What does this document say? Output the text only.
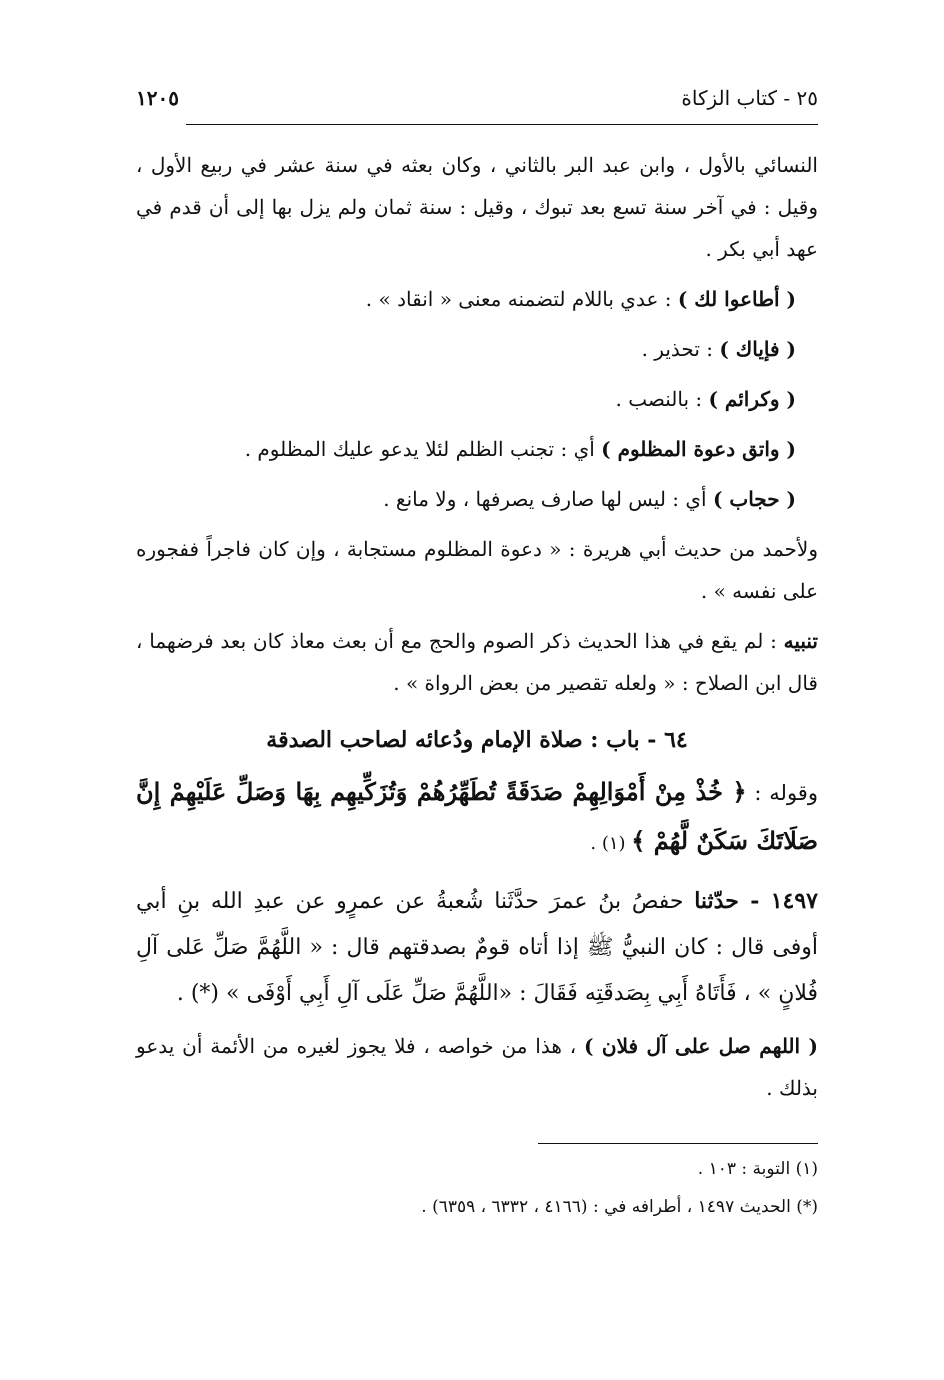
٢٥ - كتاب الزكاة
١٢٠٥

النسائي بالأول ، وابن عبد البر بالثاني ، وكان بعثه في سنة عشر في ربيع الأول ، وقيل : في آخر سنة تسع بعد تبوك ، وقيل : سنة ثمان ولم يزل بها إلى أن قدم في عهد أبي بكر .

( أطاعوا لك ) : عدي باللام لتضمنه معنى « انقاد » .

( فإياك ) : تحذير .

( وكرائم ) : بالنصب .

( واتق دعوة المظلوم ) أي : تجنب الظلم لئلا يدعو عليك المظلوم .

( حجاب ) أي : ليس لها صارف يصرفها ، ولا مانع .

ولأحمد من حديث أبي هريرة : « دعوة المظلوم مستجابة ، وإن كان فاجراً ففجوره على نفسه » .

تنبيه : لم يقع في هذا الحديث ذكر الصوم والحج مع أن بعث معاذ كان بعد فرضهما ، قال ابن الصلاح : « ولعله تقصير من بعض الرواة » .

٦٤ - باب : صلاة الإمام ودُعائه لصاحب الصدقة

وقوله : ﴿ خُذْ مِنْ أَمْوَالِهِمْ صَدَقَةً تُطَهِّرُهُمْ وَتُزَكِّيهِم بِهَا وَصَلِّ عَلَيْهِمْ إِنَّ صَلَاتَكَ سَكَنٌ لَّهُمْ ﴾ (١) .

١٤٩٧ - حدّثنا حفصُ بنُ عمرَ حدَّثَنا شُعبةُ عن عمرٍو عن عبدِ الله بنِ أبي أوفى قال : كان النبيُّ ﷺ إذا أتاه قومٌ بصدقتهم قال : « اللَّهُمَّ صَلِّ عَلى آلِ فُلانٍ » ، فَأَتَاهُ أَبِي بِصَدقَتِه فَقَالَ : «اللَّهُمَّ صَلِّ عَلَى آلِ أَبِي أَوْفَى » (*) .

( اللهم صل على آل فلان ) ، هذا من خواصه ، فلا يجوز لغيره من الأئمة أن يدعو بذلك .

(١) التوبة : ١٠٣ .

(*) الحديث ١٤٩٧ ، أطرافه في : (٤١٦٦ ، ٦٣٣٢ ، ٦٣٥٩) .
